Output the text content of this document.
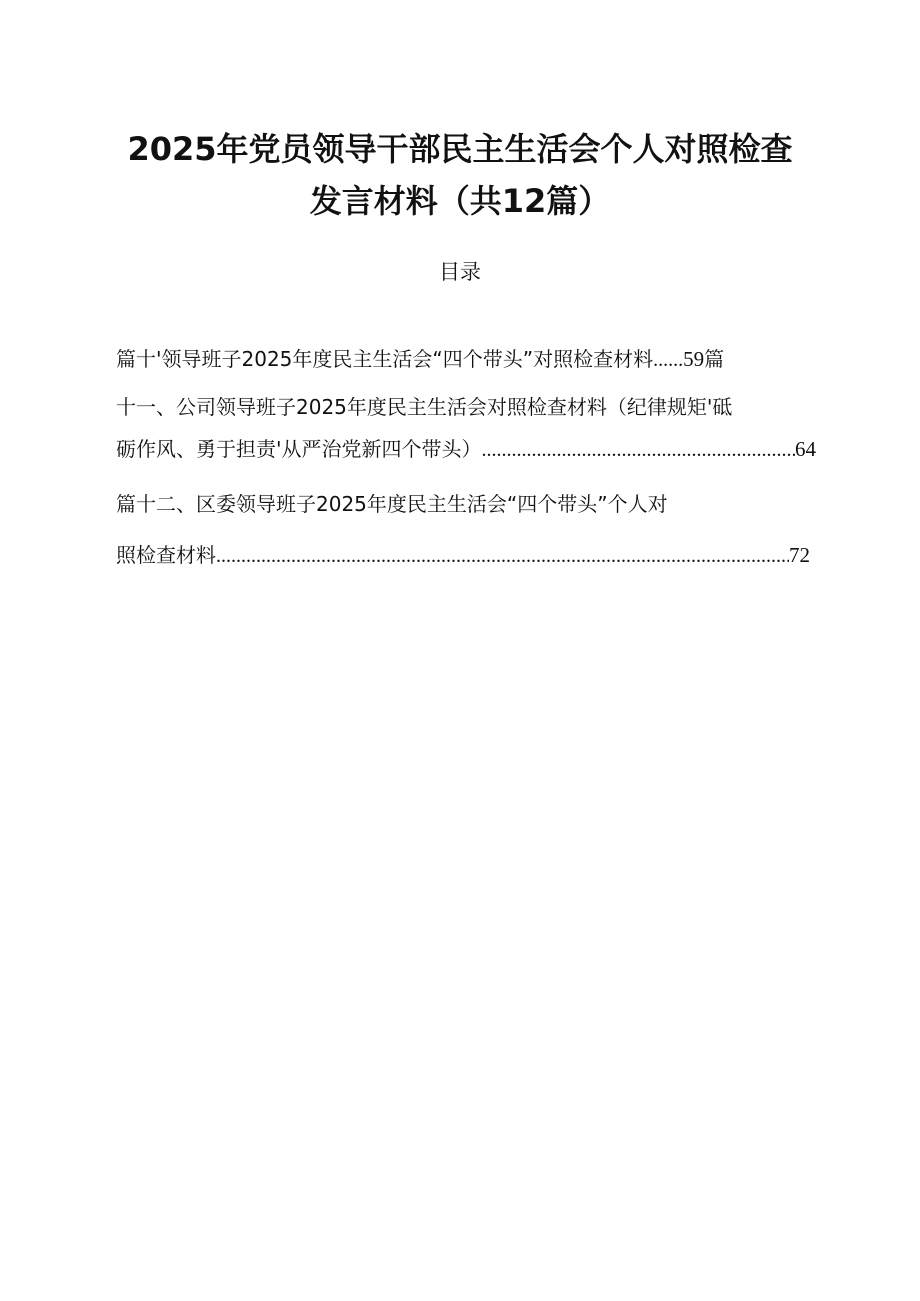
2025年党员领导干部民主生活会个人对照检查
发言材料（共12篇）
目录
篇十'领导班子2025年度民主生活会“四个带头”对照检查材料......59篇
十一、公司领导班子2025年度民主生活会对照检查材料（纪律规矩'砥
砺作风、勇于担责'从严治党新四个带头） .....	64
篇十二、区委领导班子2025年度民主生活会“四个带头”个人对
照检查材料 .....	72
